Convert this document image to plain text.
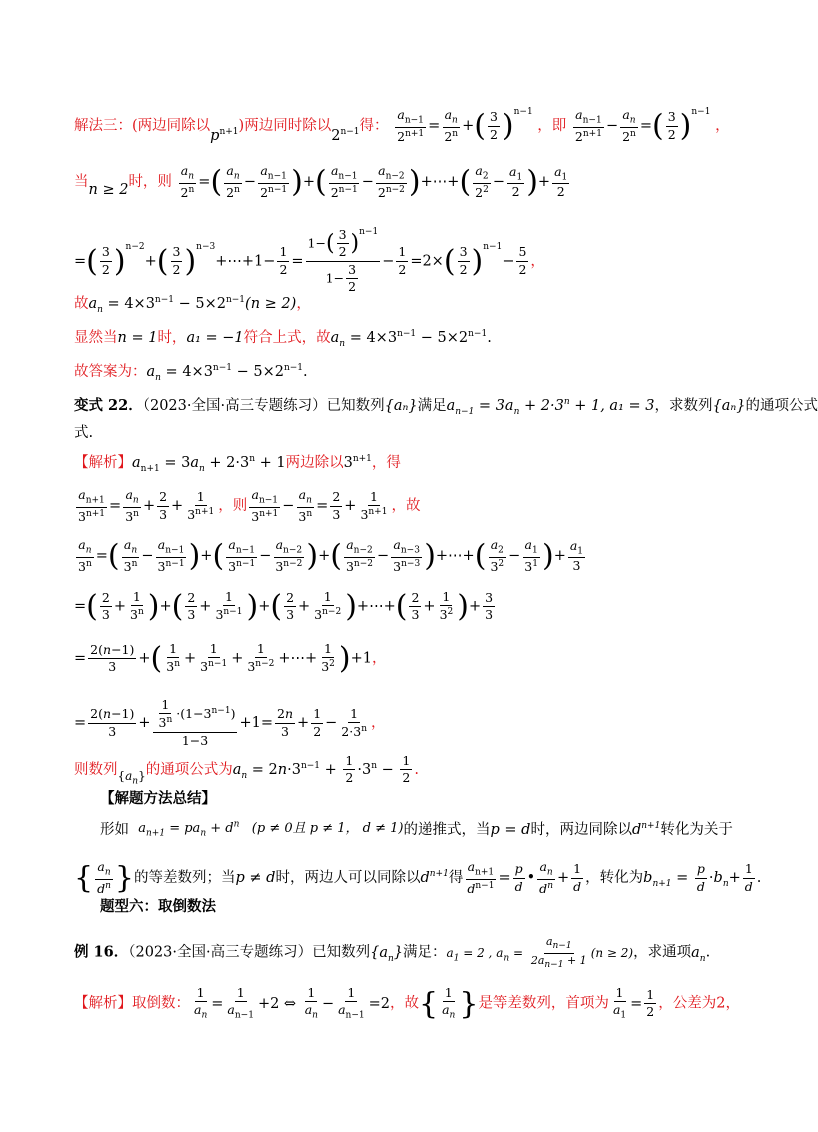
解法三：(两边同除以$p^{n+1}$)两边同时除以$2^{n-1}$得： $\frac{a_{n-1}}{2^{n+1}} = \frac{a_n}{2^n}$ +( $\frac{3}{2} )^{n-1}$ ，即 $\frac{a_{n-1}}{2^{n+1}} - \frac{a_n}{2^n}$ =( $\frac{3}{2} )^{n-1}$ ，
当n ≥ 2时，则 $\frac{a_n}{2^n}$ =( $\frac{a_n}{2^n} - \frac{a_{n-1}}{2^{n-1}}$ )+( $\frac{a_{n-1}}{2^{n-1}} - \frac{a_{n-2}}{2^{n-2}}$ )+⋯+( $\frac{a_2}{2^2} - \frac{a_1}{2}$ )+ $\frac{a_1}{2}$
=( $\frac{3}{2} )^{n-2}+( \frac{3}{2}$ )$^{n-3}+\cdots+1- \frac{1}{2} = \frac{1-( \frac{3}{2} )^{n-1}}{1- \frac{3}{2}} - \frac{1}{2} =2\times( \frac{3}{2} )^{n-1}- \frac{5}{2}$ ，
故$a_n = 4\times 3^{n-1} - 5\times 2^{n-1}(n \ge 2)$，
显然当n = 1时，a₁ = −1符合上式，故$a_n = 4\times 3^{n-1} - 5\times 2^{n-1}$.
故答案为：$a_n = 4\times 3^{n-1} - 5\times 2^{n-1}$.
变式 22．（2023·全国·高三专题练习）已知数列{aₙ}满足$a_{n-1} = 3a_n + 2\cdot 3^n + 1$, a₁ = 3，求数列{aₙ}的通项公式
式.
【解析】$a_{n+1} = 3a_n + 2\cdot 3^n + 1$两边除以$3^{n+1}$，得
$\frac{a_{n+1}}{3^{n+1}} = \frac{a_n}{3^n} + \frac{2}{3} + \frac{1}{3^{n+1}}$ ，则 $\frac{a_{n-1}}{3^{n+1}} - \frac{a_n}{3^n} = \frac{2}{3} + \frac{1}{3^{n+1}}$ ，故
$\frac{a_n}{3^n}$ =( $\frac{a_n}{3^n} - \frac{a_{n-1}}{3^{n-1}}$ )+( $\frac{a_{n-1}}{3^{n-1}} - \frac{a_{n-2}}{3^{n-2}}$ )+( $\frac{a_{n-2}}{3^{n-2}} - \frac{a_{n-3}}{3^{n-3}}$ )+⋯+( $\frac{a_2}{3^2} - \frac{a_1}{3^1}$ )+ $\frac{a_1}{3}$
=( $\frac{2}{3} + \frac{1}{3^n}$ )+( $\frac{2}{3} + \frac{1}{3^{n-1}}$ )+( $\frac{2}{3} + \frac{1}{3^{n-2}}$ )+⋯+( $\frac{2}{3} + \frac{1}{3^2}$ )+ $\frac{3}{3}$
= $\frac{2(n-1)}{3}$ +( $\frac{1}{3^n} + \frac{1}{3^{n-1}} + \frac{1}{3^{n-2}}$ +⋯+ $\frac{1}{3^2} )+1$，
= $\frac{2(n-1)}{3} + \frac{\frac{1}{3^n} \cdot(1-3^{n-1})}{1-3} +1= \frac{2n}{3} + \frac{1}{2} - \frac{1}{2\cdot 3^n}$ ，
则数列$_{\{a_n\}}$的通项公式为$a_n = 2n\cdot 3^{n-1} + \frac{1}{2} \cdot 3^n - \frac{1}{2}$ .
【解题方法总结】
形如 $a_{n+1} = pa_n + d^n$   (p ≠ 0且 p ≠ 1， d ≠ 1)的递推式，当p = d时，两边同除以$d^{n+1}$转化为关于
{ $\frac{a_n}{d^n}$ }的等差数列；当p ≠ d时，两边人可以同除以$d^{n+1}$得 $\frac{a_{n+1}}{d^{n-1}} = \frac{p}{d}$ • $\frac{a_n}{d^n} + \frac{1}{d}$ ，转化为$b_{n+1} = \frac{p}{d} \cdot b_n+ \frac{1}{d}$ .
题型六：取倒数法
例 16．（2023·全国·高三专题练习）已知数列$\{a_n\}$满足：$a_1 = 2$ , $a_n = \frac{a_{n-1}}{2a_{n-1} + 1} (n \ge 2)$，求通项$a_n$.
【解析】取倒数： $\frac{1}{a_n} = \frac{1}{a_{n-1}} +2$ ⇔ $\frac{1}{a_n} - \frac{1}{a_{n-1}} =2$，故{ $\frac{1}{a_n}$ }是等差数列，首项为 $\frac{1}{a_1} = \frac{1}{2}$ ，公差为2，
